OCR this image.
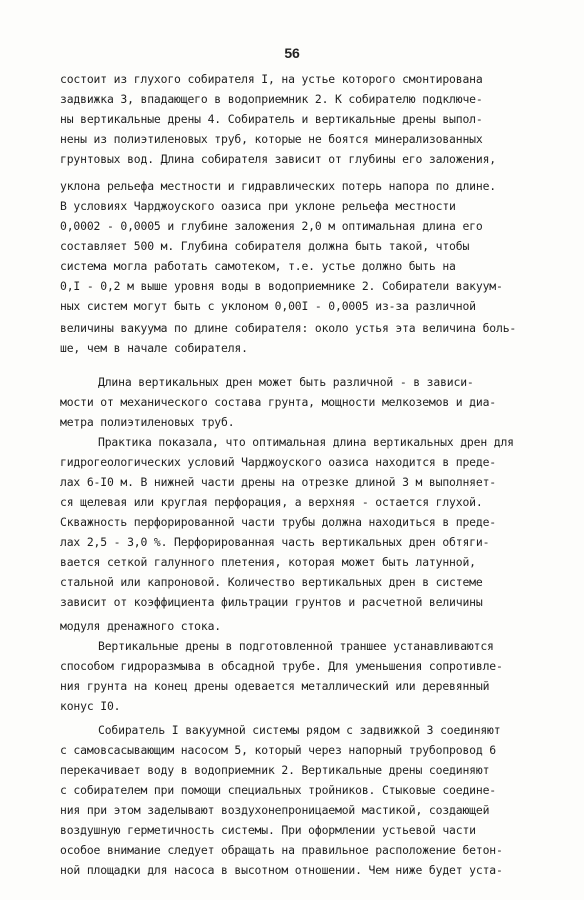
56
состоит из глухого собирателя I, на устье которого смонтирована
задвижка 3, впадающего в водоприемник 2. К собирателю подключе-
ны вертикальные дрены 4. Собиратель и вертикальные дрены выпол-
нены из полиэтиленовых труб, которые не боятся минерализованных
грунтовых вод. Длина собирателя зависит от глубины его заложения,
уклона рельефа местности и гидравлических потерь напора по длине.
В условиях Чарджоуского оазиса при уклоне рельефа местности
0,0002 - 0,0005 и глубине заложения 2,0 м оптимальная длина его
составляет 500 м. Глубина собирателя должна быть такой, чтобы
система могла работать самотеком, т.е. устье должно быть на
0,I - 0,2 м выше уровня воды в водоприемнике 2. Собиратели вакуум-
ных систем могут быть с уклоном 0,00I - 0,0005 из-за различной
величины вакуума по длине собирателя: около устья эта величина боль-
ше, чем в начале собирателя.
Длина вертикальных дрен может быть различной - в зависи-
мости от механического состава грунта, мощности мелкоземов и диа-
метра полиэтиленовых труб.
Практика показала, что оптимальная длина вертикальных дрен для
гидрогеологических условий Чарджоуского оазиса находится в преде-
лах 6-I0 м. В нижней части дрены на отрезке длиной 3 м выполняет-
ся щелевая или круглая перфорация, а верхняя - остается глухой.
Скважность перфорированной части трубы должна находиться в преде-
лах 2,5 - 3,0 %. Перфорированная часть вертикальных дрен обтяги-
вается сеткой галунного плетения, которая может быть латунной,
стальной или капроновой. Количество вертикальных дрен в системе
зависит от коэффициента фильтрации грунтов и расчетной величины
модуля дренажного стока.
Вертикальные дрены в подготовленной траншее устанавливаются
способом гидроразмыва в обсадной трубе. Для уменьшения сопротивле-
ния грунта на конец дрены одевается металлический или деревянный
конус I0.
Собиратель I вакуумной системы рядом с задвижкой 3 соединяют
с самовсасывающим насосом 5, который через напорный трубопровод 6
перекачивает воду в водоприемник 2. Вертикальные дрены соединяют
с собирателем при помощи специальных тройников. Стыковые соедине-
ния при этом заделывают воздухонепроницаемой мастикой, создающей
воздушную герметичность системы. При оформлении устьевой части
особое внимание следует обращать на правильное расположение бетон-
ной площадки для насоса в высотном отношении. Чем ниже будет уста-
